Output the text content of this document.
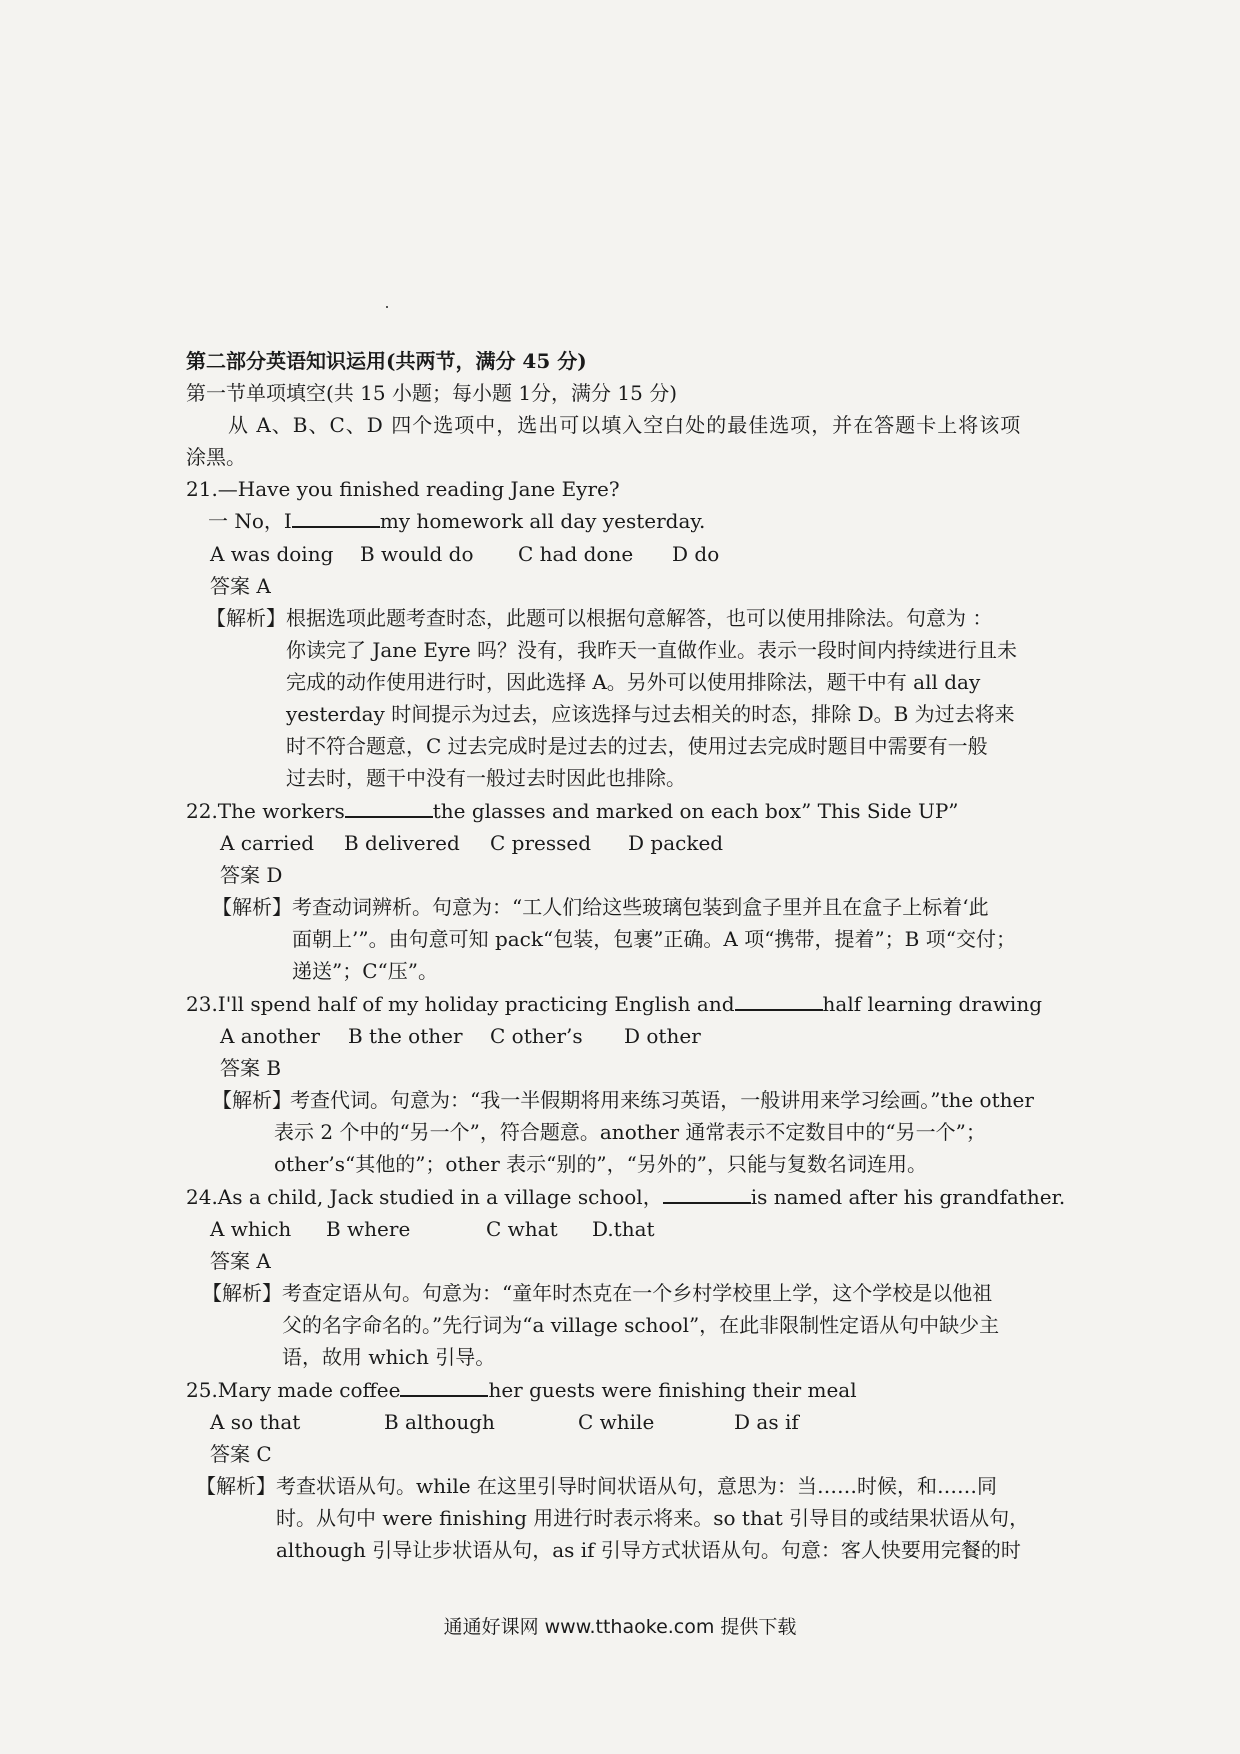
第二部分英语知识运用(共两节，满分 45 分)
第一节单项填空(共 15 小题；每小题 1分，满分 15 分)
从 A、B、C、D 四个选项中，选出可以填入空白处的最佳选项，并在答题卡上将该项
涂黑。
21.—Have you finished reading Jane Eyre?
一 No，I	my homework all day yesterday.
A was doing B would do C had done D do
答案 A
【解析】 根据选项此题考查时态，此题可以根据句意解答，也可以使用排除法。句意为 ：
你读完了 Jane Eyre 吗？没有，我昨天一直做作业。表示一段时间内持续进行且未
完成的动作使用进行时，因此选择 A。另外可以使用排除法，题干中有 all day
yesterday 时间提示为过去，应该选择与过去相关的时态，排除 D。B 为过去将来
时不符合题意，C 过去完成时是过去的过去，使用过去完成时题目中需要有一般
过去时，题干中没有一般过去时因此也排除。
22.The workers	the glasses and marked on each box” This Side UP”
A carried B delivered C pressed D packed
答案 D
【解析】 考查动词辨析。句意为：“工人们给这些玻璃包装到盒子里并且在盒子上标着‘此
面朝上’”。由句意可知 pack“包装，包裹”正确。A 项“携带，提着”；B 项“交付；
递送”；C“压”。
23.I'll spend half of my holiday practicing English and	half learning drawing
A another B the other C other’s D other
答案 B
【解析】
考查代词。句意为：“我一半假期将用来练习英语，一般讲用来学习绘画。”the other
表示 2 个中的“另一个”，符合题意。another 通常表示不定数目中的“另一个”；
other’s“其他的”；other 表示“别的”，“另外的”，只能与复数名词连用。
24.As a child, Jack studied in a village school，	is named after his grandfather.
A which B where	C what D.that
答案 A
【解析】 考查定语从句。句意为：“童年时杰克在一个乡村学校里上学，这个学校是以他祖
父的名字命名的。”先行词为“a village school”，在此非限制性定语从句中缺少主
语，故用 which 引导。
25.Mary made coffee	her guests were finishing their meal
A so that	B although	C while	D as if
答案 C
【解析】 考查状语从句。while 在这里引导时间状语从句，意思为：当……时候，和……同
时。从句中 were finishing 用进行时表示将来。so that 引导目的或结果状语从句，
although 引导让步状语从句，as if 引导方式状语从句。句意：客人快要用完餐的时
通通好课网 www.tthaoke.com 提供下载
